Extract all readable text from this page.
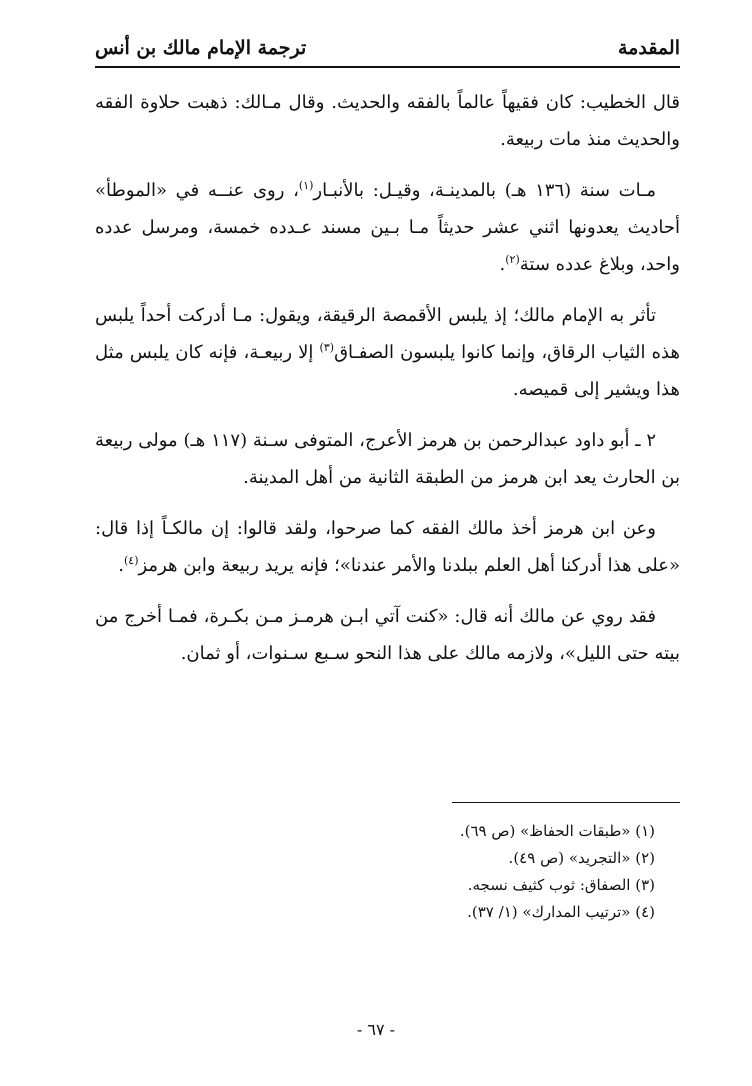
المقدمة
ترجمة الإمام مالك بن أنس

قال الخطيب: كان فقيهاً عالماً بالفقه والحديث. وقال مـالك: ذهبت حلاوة الفقه والحديث منذ مات ربيعة.

مـات سنة (١٣٦ هـ) بالمدينـة، وقيـل: بالأنبـار$^{(١)}$، روى عنــه في «الموطأ» أحاديث يعدونها اثني عشر حديثاً مـا بـين مسند عـدده خمسة، ومرسل عدده واحد، وبلاغ عدده ستة$^{(٢)}$.

تأثر به الإمام مالك؛ إذ يلبس الأقمصة الرقيقة، ويقول: مـا أدركت أحداً يلبس هذه الثياب الرقاق، وإنما كانوا يلبسون الصفـاق$^{(٣)}$ إلا ربيعـة، فإنه كان يلبس مثل هذا ويشير إلى قميصه.

٢ ـ أبو داود عبدالرحمن بن هرمز الأعرج، المتوفى سـنة (١١٧ هـ) مولى ربيعة بن الحارث يعد ابن هرمز من الطبقة الثانية من أهل المدينة.

وعن ابن هرمز أخذ مالك الفقه كما صرحوا، ولقد قالوا: إن مالكـاً إذا قال: «على هذا أدركنا أهل العلم ببلدنا والأمر عندنا»؛ فإنه يريد ربيعة وابن هرمز$^{(٤)}$.

فقد روي عن مالك أنه قال: «كنت آتي ابـن هرمـز مـن بكـرة، فمـا أخرج من بيته حتى الليل»، ولازمه مالك على هذا النحو سـبع سـنوات، أو ثمان.

(١) «طبقات الحفاظ» (ص ٦٩).

(٢) «التجريد» (ص ٤٩).

(٣) الصفاق: ثوب كثيف نسجه.

(٤) «ترتيب المدارك» (١/ ٣٧).

- ٦٧ -
